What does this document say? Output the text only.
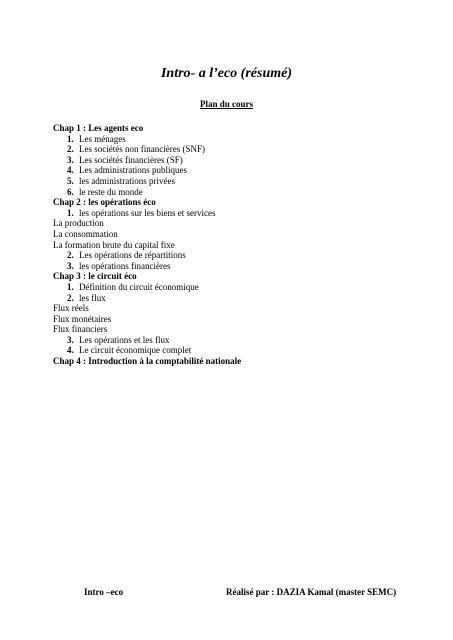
Intro- a l’eco (résumé)
Plan du cours
Chap 1 : Les agents eco
1. Les ménages
2. Les sociétés non financières (SNF)
3. Les sociétés financières (SF)
4. Les administrations publiques
5. les administrations privées
6. le reste du monde
Chap 2 : les opérations éco
1. les opérations sur les biens et services
La production
La consommation
La formation brute du capital fixe
2. Les opérations de répartitions
3. les opérations financières
Chap 3 : le circuit éco
1. Définition du circuit économique
2. les flux
Flux réels
Flux monétaires
Flux financiers
3. Les opérations et les flux
4. Le circuit économique complet
Chap 4 : Introduction à la comptabilité nationale
Intro –eco	Réalisé par : DAZIA Kamal (master SEMC)
